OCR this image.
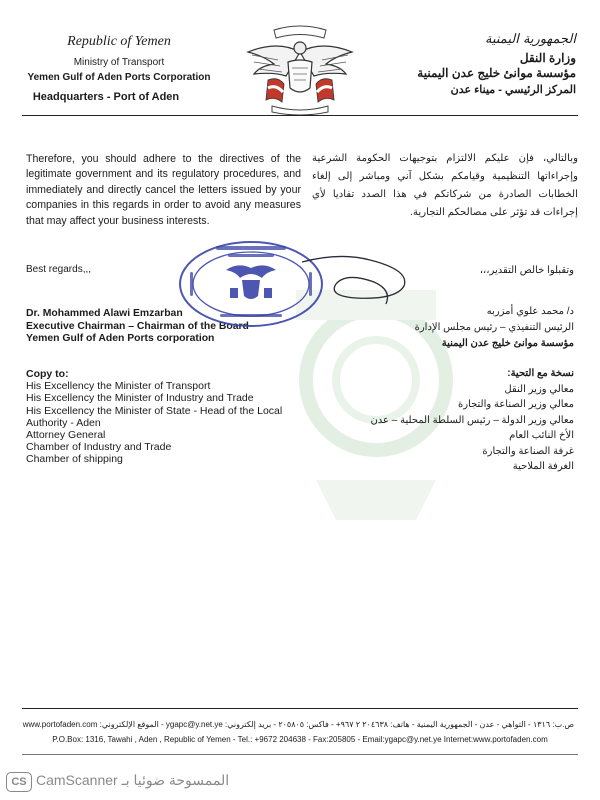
Republic of Yemen
Ministry of Transport
Yemen Gulf of Aden Ports Corporation
Headquarters - Port of Aden
الجمهورية اليمنية
وزارة النقل
مؤسسة موانئ خليج عدن اليمنية
المركز الرئيسي - ميناء عدن
Therefore, you should adhere to the directives of the legitimate government and its regulatory procedures, and immediately and directly cancel the letters issued by your companies in this regards in order to avoid any measures that may affect your business interests.
وبالتالي، فإن عليكم الالتزام بتوجيهات الحكومة الشرعية وإجراءاتها التنظيمية وقيامكم بشكل آني ومباشر إلى إلغاء الخطابات الصادرة من شركاتكم في هذا الصدد تفاديا لأي إجراءات قد تؤثر على مصالحكم التجارية.
Best regards,,,	وتقبلوا خالص التقدير،،،
Dr. Mohammed Alawi Emzarban
Executive Chairman – Chairman of the Board
Yemen Gulf of Aden Ports corporation
د/ محمد علوي أمزربه
الرئيس التنفيذي – رئيس مجلس الإدارة
مؤسسة موانئ خليج عدن اليمنية
Copy to:
His Excellency the Minister of Transport
His Excellency the Minister of Industry and Trade
His Excellency the Minister of State - Head of the Local
Authority - Aden
Attorney General
Chamber of Industry and Trade
Chamber of shipping
نسخة مع التحية:
معالي وزير النقل
معالي وزير الصناعة والتجارة
معالي وزير الدولة – رئيس السلطة المحلية – عدن
الأخ النائب العام
غرفة الصناعة والتجارة
الغرفة الملاحية
ص.ب: ١٣١٦ - التواهي - عدن - الجمهورية اليمنية - هاتف: ٢٠٤٦٣٨ ٢ ٩٦٧+ - فاكس: ٢٠٥٨٠٥ - بريد إلكتروني: ygapc@y.net.ye - الموقع الإلكتروني: www.portofaden.com
P.O.Box: 1316, Tawahi , Aden , Republic of Yemen - Tel.: +9672 204638 - Fax:205805 - Email:ygapc@y.net.ye Internet:www.portofaden.com
CS الممسوحة ضوئيا بـ CamScanner
